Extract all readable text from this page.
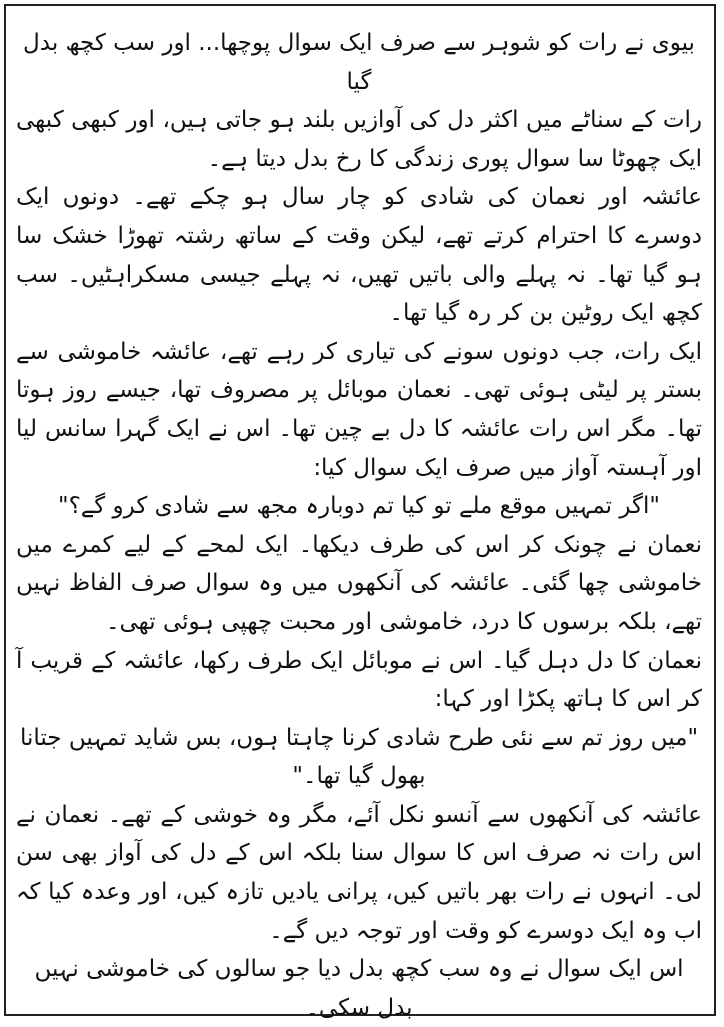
بیوی نے رات کو شوہر سے صرف ایک سوال پوچھا... اور سب کچھ بدل گیا

رات کے سناٹے میں اکثر دل کی آوازیں بلند ہو جاتی ہیں، اور کبھی کبھی ایک چھوٹا سا سوال پوری زندگی کا رخ بدل دیتا ہے۔

عائشہ اور نعمان کی شادی کو چار سال ہو چکے تھے۔ دونوں ایک دوسرے کا احترام کرتے تھے، لیکن وقت کے ساتھ رشتہ تھوڑا خشک سا ہو گیا تھا۔ نہ پہلے والی باتیں تھیں، نہ پہلے جیسی مسکراہٹیں۔ سب کچھ ایک روٹین بن کر رہ گیا تھا۔

ایک رات، جب دونوں سونے کی تیاری کر رہے تھے، عائشہ خاموشی سے بستر پر لیٹی ہوئی تھی۔ نعمان موبائل پر مصروف تھا، جیسے روز ہوتا تھا۔ مگر اس رات عائشہ کا دل بے چین تھا۔ اس نے ایک گہرا سانس لیا اور آہستہ آواز میں صرف ایک سوال کیا:

"اگر تمہیں موقع ملے تو کیا تم دوبارہ مجھ سے شادی کرو گے؟"

نعمان نے چونک کر اس کی طرف دیکھا۔ ایک لمحے کے لیے کمرے میں خاموشی چھا گئی۔ عائشہ کی آنکھوں میں وہ سوال صرف الفاظ نہیں تھے، بلکہ برسوں کا درد، خاموشی اور محبت چھپی ہوئی تھی۔

نعمان کا دل دہل گیا۔ اس نے موبائل ایک طرف رکھا، عائشہ کے قریب آ کر اس کا ہاتھ پکڑا اور کہا:

"میں روز تم سے نئی طرح شادی کرنا چاہتا ہوں، بس شاید تمہیں جتانا بھول گیا تھا۔"

عائشہ کی آنکھوں سے آنسو نکل آئے، مگر وہ خوشی کے تھے۔ نعمان نے اس رات نہ صرف اس کا سوال سنا بلکہ اس کے دل کی آواز بھی سن لی۔ انہوں نے رات بھر باتیں کیں، پرانی یادیں تازہ کیں، اور وعدہ کیا کہ اب وہ ایک دوسرے کو وقت اور توجہ دیں گے۔

اس ایک سوال نے وہ سب کچھ بدل دیا جو سالوں کی خاموشی نہیں بدل سکی۔
